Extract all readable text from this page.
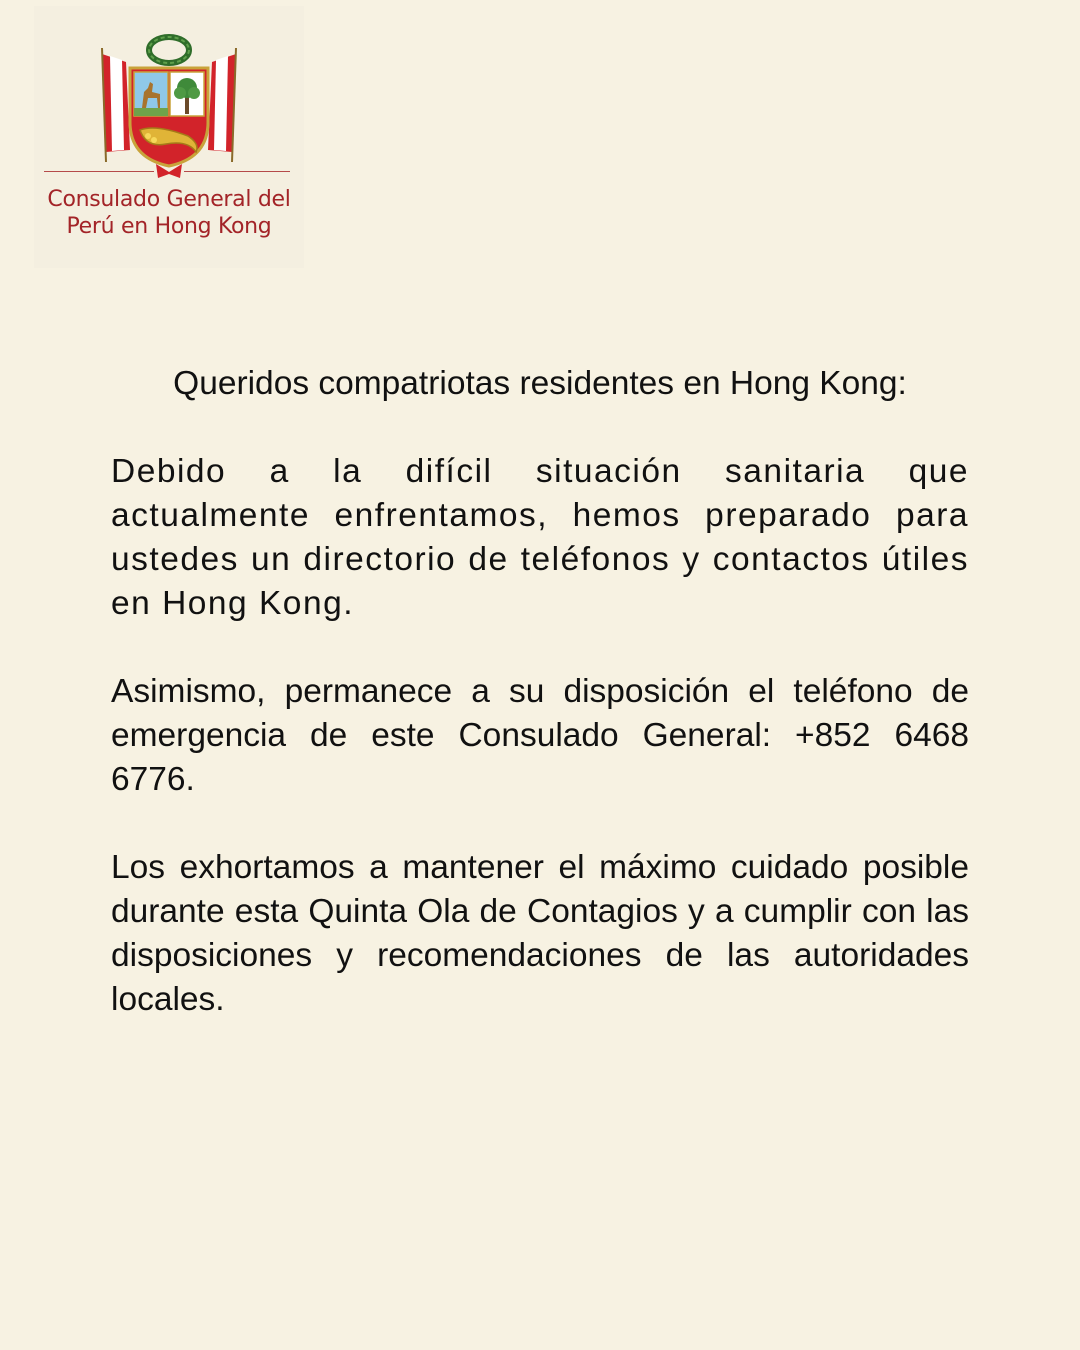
Consulado General del
Perú en Hong Kong

Queridos compatriotas residentes en Hong Kong:

Debido a la difícil situación sanitaria que actualmente enfrentamos, hemos preparado para ustedes un directorio de teléfonos y contactos útiles en Hong Kong.

Asimismo, permanece a su disposición el teléfono de emergencia de este Consulado General: +852 6468 6776.

Los exhortamos a mantener el máximo cuidado posible durante esta Quinta Ola de Contagios y a cumplir con las disposiciones y recomendaciones de las autoridades locales.
